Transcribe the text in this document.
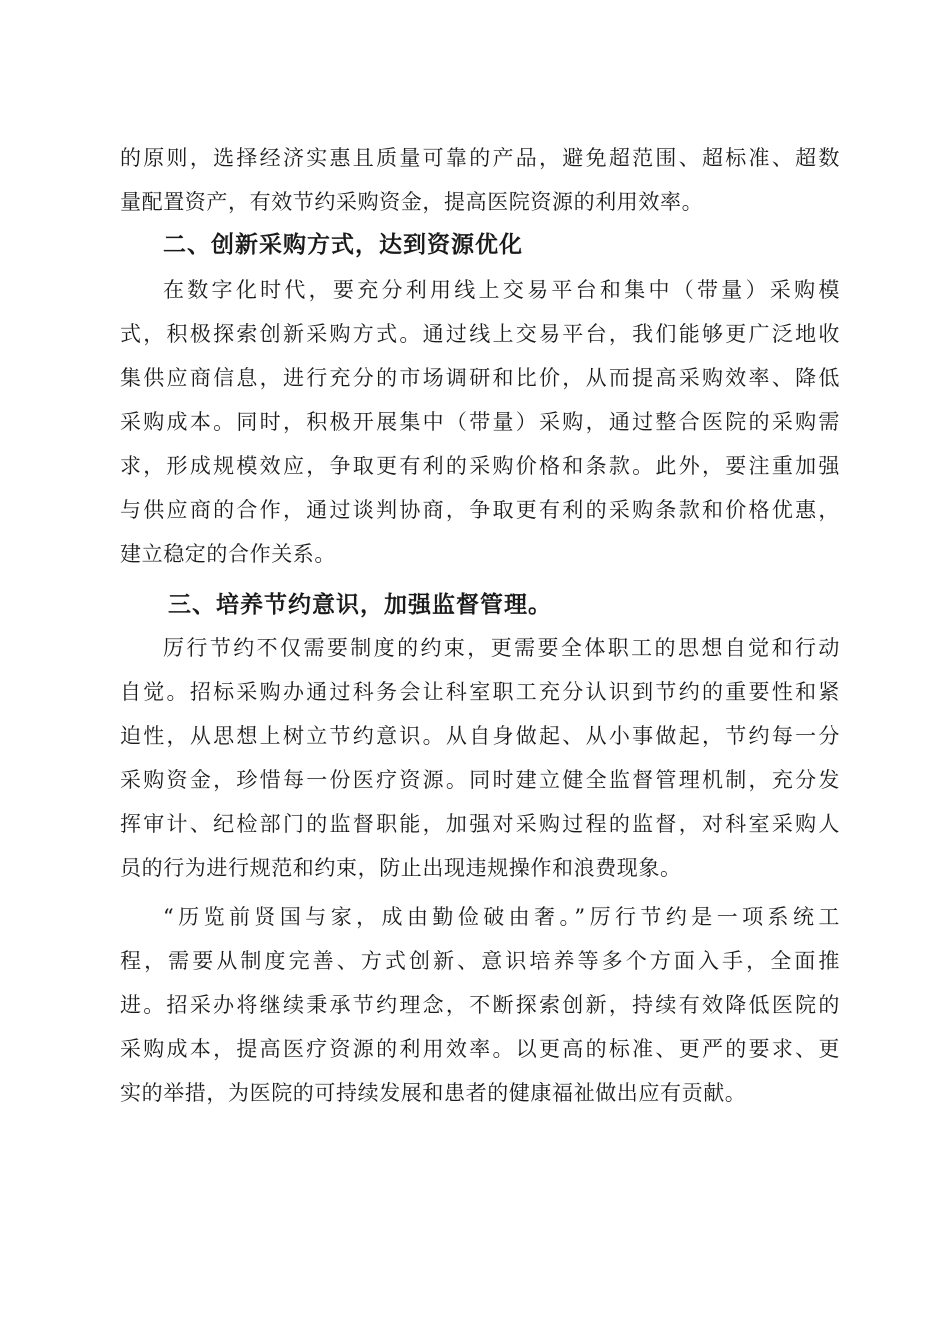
的原则，选择经济实惠且质量可靠的产品，避免超范围、超标准、超数
量配置资产，有效节约采购资金，提高医院资源的利用效率。
二、创新采购方式，达到资源优化
在数字化时代，要充分利用线上交易平台和集中（带量）采购模
式，积极探索创新采购方式。通过线上交易平台，我们能够更广泛地收
集供应商信息，进行充分的市场调研和比价，从而提高采购效率、降低
采购成本。同时，积极开展集中（带量）采购，通过整合医院的采购需
求，形成规模效应，争取更有利的采购价格和条款。此外，要注重加强
与供应商的合作，通过谈判协商，争取更有利的采购条款和价格优惠，
建立稳定的合作关系。
三、培养节约意识，加强监督管理。
厉行节约不仅需要制度的约束，更需要全体职工的思想自觉和行动
自觉。招标采购办通过科务会让科室职工充分认识到节约的重要性和紧
迫性，从思想上树立节约意识。从自身做起、从小事做起，节约每一分
采购资金，珍惜每一份医疗资源。同时建立健全监督管理机制，充分发
挥审计、纪检部门的监督职能，加强对采购过程的监督，对科室采购人
员的行为进行规范和约束，防止出现违规操作和浪费现象。
“历览前贤国与家，成由勤俭破由奢。”厉行节约是一项系统工
程，需要从制度完善、方式创新、意识培养等多个方面入手，全面推
进。招采办将继续秉承节约理念，不断探索创新，持续有效降低医院的
采购成本，提高医疗资源的利用效率。以更高的标准、更严的要求、更
实的举措，为医院的可持续发展和患者的健康福祉做出应有贡献。
